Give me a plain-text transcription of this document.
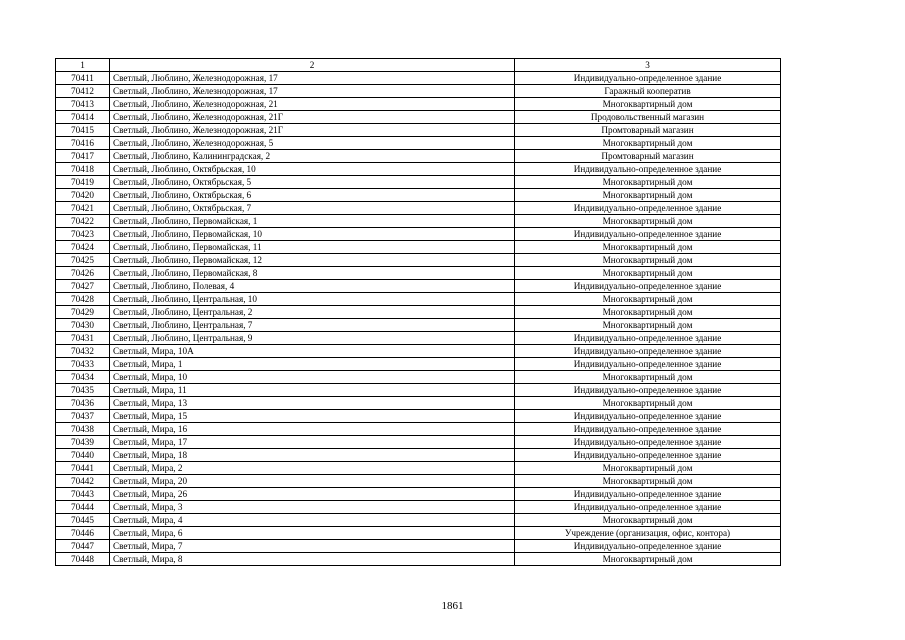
1	2	3
70411	Светлый, Люблино, Железнодорожная, 17	Индивидуально-определенное здание
70412	Светлый, Люблино, Железнодорожная, 17	Гаражный кооператив
70413	Светлый, Люблино, Железнодорожная, 21	Многоквартирный дом
70414	Светлый, Люблино, Железнодорожная, 21Г	Продовольственный магазин
70415	Светлый, Люблино, Железнодорожная, 21Г	Промтоварный магазин
70416	Светлый, Люблино, Железнодорожная, 5	Многоквартирный дом
70417	Светлый, Люблино, Калининградская, 2	Промтоварный магазин
70418	Светлый, Люблино, Октябрьская, 10	Индивидуально-определенное здание
70419	Светлый, Люблино, Октябрьская, 5	Многоквартирный дом
70420	Светлый, Люблино, Октябрьская, 6	Многоквартирный дом
70421	Светлый, Люблино, Октябрьская, 7	Индивидуально-определенное здание
70422	Светлый, Люблино, Первомайская, 1	Многоквартирный дом
70423	Светлый, Люблино, Первомайская, 10	Индивидуально-определенное здание
70424	Светлый, Люблино, Первомайская, 11	Многоквартирный дом
70425	Светлый, Люблино, Первомайская, 12	Многоквартирный дом
70426	Светлый, Люблино, Первомайская, 8	Многоквартирный дом
70427	Светлый, Люблино, Полевая, 4	Индивидуально-определенное здание
70428	Светлый, Люблино, Центральная, 10	Многоквартирный дом
70429	Светлый, Люблино, Центральная, 2	Многоквартирный дом
70430	Светлый, Люблино, Центральная, 7	Многоквартирный дом
70431	Светлый, Люблино, Центральная, 9	Индивидуально-определенное здание
70432	Светлый, Мира, 10А	Индивидуально-определенное здание
70433	Светлый, Мира, 1	Индивидуально-определенное здание
70434	Светлый, Мира, 10	Многоквартирный дом
70435	Светлый, Мира, 11	Индивидуально-определенное здание
70436	Светлый, Мира, 13	Многоквартирный дом
70437	Светлый, Мира, 15	Индивидуально-определенное здание
70438	Светлый, Мира, 16	Индивидуально-определенное здание
70439	Светлый, Мира, 17	Индивидуально-определенное здание
70440	Светлый, Мира, 18	Индивидуально-определенное здание
70441	Светлый, Мира, 2	Многоквартирный дом
70442	Светлый, Мира, 20	Многоквартирный дом
70443	Светлый, Мира, 26	Индивидуально-определенное здание
70444	Светлый, Мира, 3	Индивидуально-определенное здание
70445	Светлый, Мира, 4	Многоквартирный дом
70446	Светлый, Мира, 6	Учреждение (организация, офис, контора)
70447	Светлый, Мира, 7	Индивидуально-определенное здание
70448	Светлый, Мира, 8	Многоквартирный дом
1861
